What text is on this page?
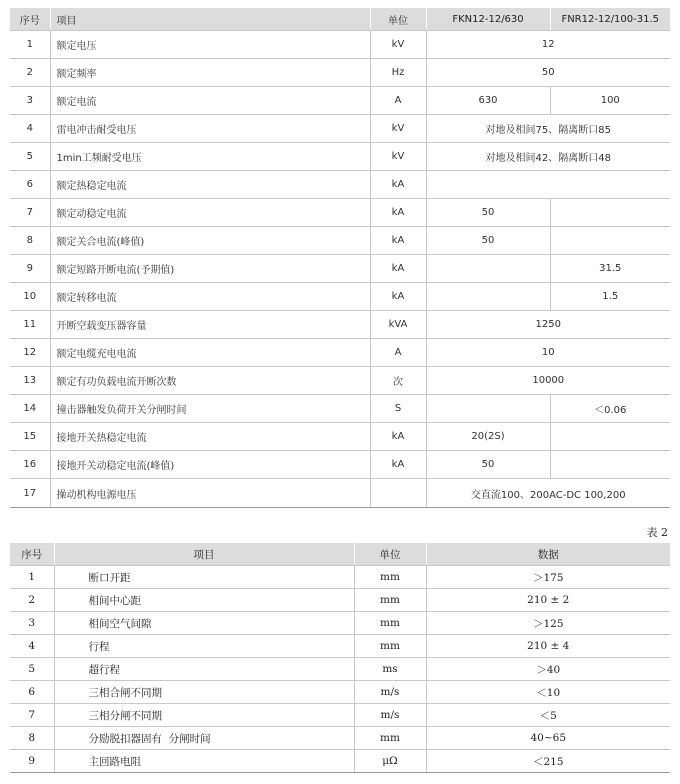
序号	项目	单位	FKN12-12/630	FNR12-12/100-31.5
1	额定电压	kV	12	
2	额定频率	Hz	50	
3	额定电流	A	630	100
4	雷电冲击耐受电压	kV	对地及相间75、隔离断口85	
5	1min工频耐受电压	kV	对地及相间42、隔离断口48	
6	额定热稳定电流	kA		
7	额定动稳定电流	kA	50	
8	额定关合电流(峰值)	kA	50	
9	额定短路开断电流(予期值)	kA		31.5
10	额定转移电流	kA		1.5
11	开断空载变压器容量	kVA	1250	
12	额定电缆充电电流	A	10	
13	额定有功负载电流开断次数	次	10000	
14	撞击器触发负荷开关分闸时间	S		＜0.06
15	接地开关热稳定电流	kA	20(2S)	
16	接地开关动稳定电流(峰值)	kA	50	
17	操动机构电源电压		交直流100、200AC-DC 100,200	
表 2
序号	项目	单位	数据
1	断口开距	mm	＞175
2	相间中心距	mm	210 ± 2
3	相间空气间隙	mm	＞125
4	行程	mm	210 ± 4
5	超行程	ms	＞40
6	三相合闸不同期	m/s	＜10
7	三相分闸不同期	m/s	＜5
8	分励脱扣器固有  分闸时间	mm	40~65
9	主回路电阻	μΩ	＜215
